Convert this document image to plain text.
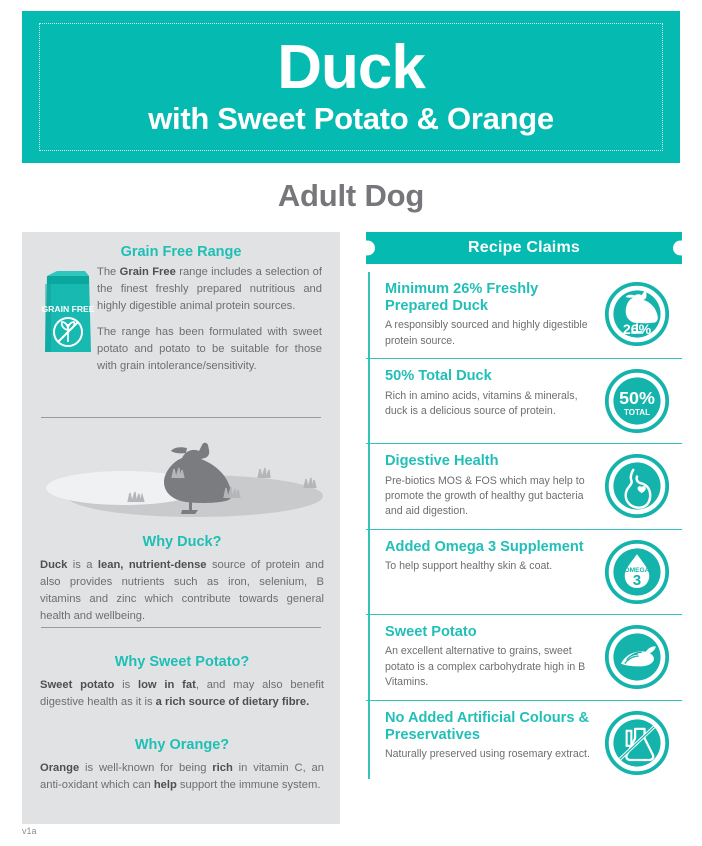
Duck
with Sweet Potato & Orange
Adult Dog
Grain Free Range
GRAIN FREE

The Grain Free range includes a selection of the finest freshly prepared nutritious and highly digestible animal protein sources.

The range has been formulated with sweet potato and potato to be suitable for those with grain intolerance/sensitivity.

Why Duck?

Duck is a lean, nutrient-dense source of protein and also provides nutrients such as iron, selenium, B vitamins and zinc which contribute towards general health and wellbeing.

Why Sweet Potato?

Sweet potato is low in fat, and may also benefit digestive health as it is a rich source of dietary fibre.

Why Orange?

Orange is well-known for being rich in vitamin C, an anti-oxidant which can help support the immune system.

Recipe Claims
Minimum 26% Freshly Prepared Duck

A responsibly sourced and highly digestible protein source.

26%
50% Total Duck

Rich in amino acids, vitamins & minerals, duck is a delicious source of protein.

50%
TOTAL
Digestive Health

Pre-biotics MOS & FOS which may help to promote the growth of healthy gut bacteria and aid digestion.

Added Omega 3 Supplement

To help support healthy skin & coat.	OMEGA
3
Sweet Potato

An excellent alternative to grains, sweet potato is a complex carbohydrate high in B Vitamins.

No Added Artificial Colours & Preservatives

Naturally preserved using rosemary extract.

v1a
